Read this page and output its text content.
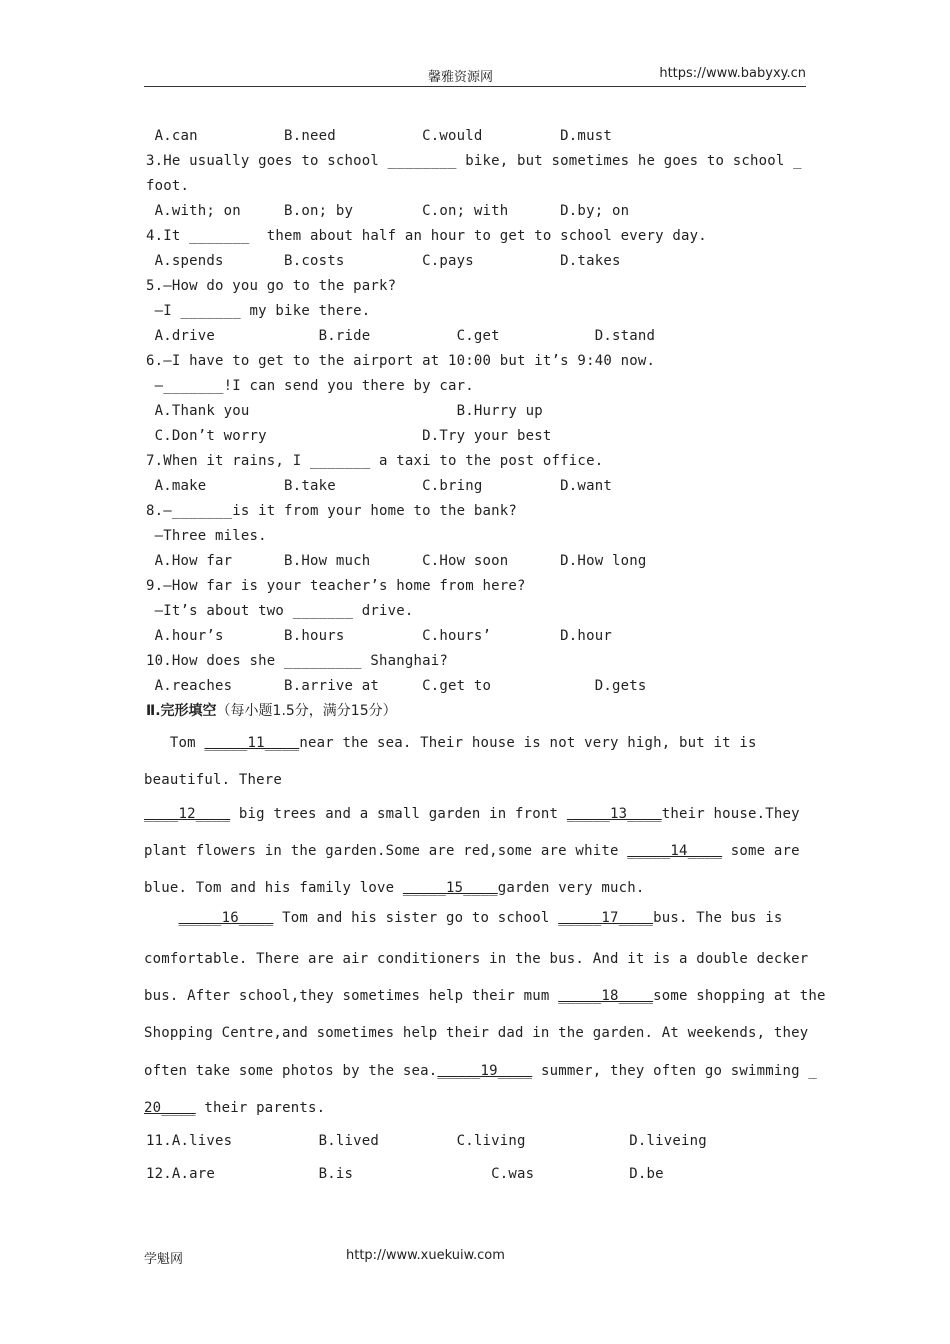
馨雅资源网	https://www.babyxy.cn
A.can          B.need          C.would         D.must
3.He usually goes to school ________ bike, but sometimes he goes to school _
foot.
A.with; on     B.on; by        C.on; with      D.by; on
4.It _______  them about half an hour to get to school every day.
A.spends       B.costs         C.pays          D.takes
5.—How do you go to the park?
—I _______ my bike there.
A.drive            B.ride          C.get           D.stand
6.—I have to get to the airport at 10:00 but it’s 9:40 now.
—_______!I can send you there by car.
A.Thank you                        B.Hurry up
C.Don’t worry                  D.Try your best
7.When it rains, I _______ a taxi to the post office.
A.make         B.take          C.bring         D.want
8.—_______is it from your home to the bank?
—Three miles.
A.How far      B.How much      C.How soon      D.How long
9.—How far is your teacher’s home from here?
—It’s about two _______ drive.
A.hour’s       B.hours         C.hours’        D.hour
10.How does she _________ Shanghai?
A.reaches      B.arrive at     C.get to            D.gets
Ⅱ.完形填空（每小题1.5分，满分15分）
Tom _____11____near the sea. Their house is not very high, but it is
beautiful. There
____12____ big trees and a small garden in front _____13____their house.They
plant flowers in the garden.Some are red,some are white _____14____ some are
blue. Tom and his family love _____15____garden very much.
_____16____ Tom and his sister go to school _____17____bus. The bus is
comfortable. There are air conditioners in the bus. And it is a double decker
bus. After school,they sometimes help their mum _____18____some shopping at the
Shopping Centre,and sometimes help their dad in the garden. At weekends, they
often take some photos by the sea._____19____ summer, they often go swimming _
20____ their parents.
11.A.lives          B.lived         C.living            D.liveing
12.A.are            B.is                C.was           D.be
学魁网	http://www.xuekuiw.com
